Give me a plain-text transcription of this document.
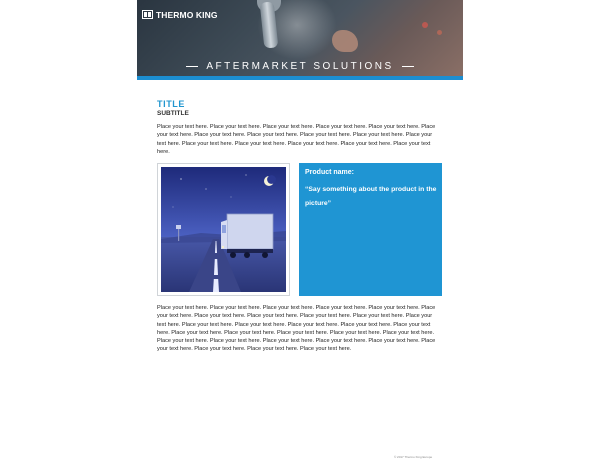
THERMO KING
AFTERMARKET SOLUTIONS
TITLE
SUBTITLE
Place your text here. Place your text here. Place your text here. Place your text here. Place your text here. Place your text here. Place your text here. Place your text here. Place your text here. Place your text here. Place your text here. Place your text here. Place your text here. Place your text here. Place your text here. Place your text here.
Product name:
“Say something about the product in the picture”
Place your text here. Place your text here. Place your text here. Place your text here. Place your text here. Place your text here. Place your text here. Place your text here. Place your text here. Place your text here. Place your text here. Place your text here. Place your text here. Place your text here. Place your text here. Place your text here. Place your text here. Place your text here. Place your text here. Place your text here. Place your text here. Place your text here. Place your text here. Place your text here. Place your text here. Place your text here. Place your text here. Place your text here. Place your text here. Place your text here.
© 2017 Thermo King Europe
